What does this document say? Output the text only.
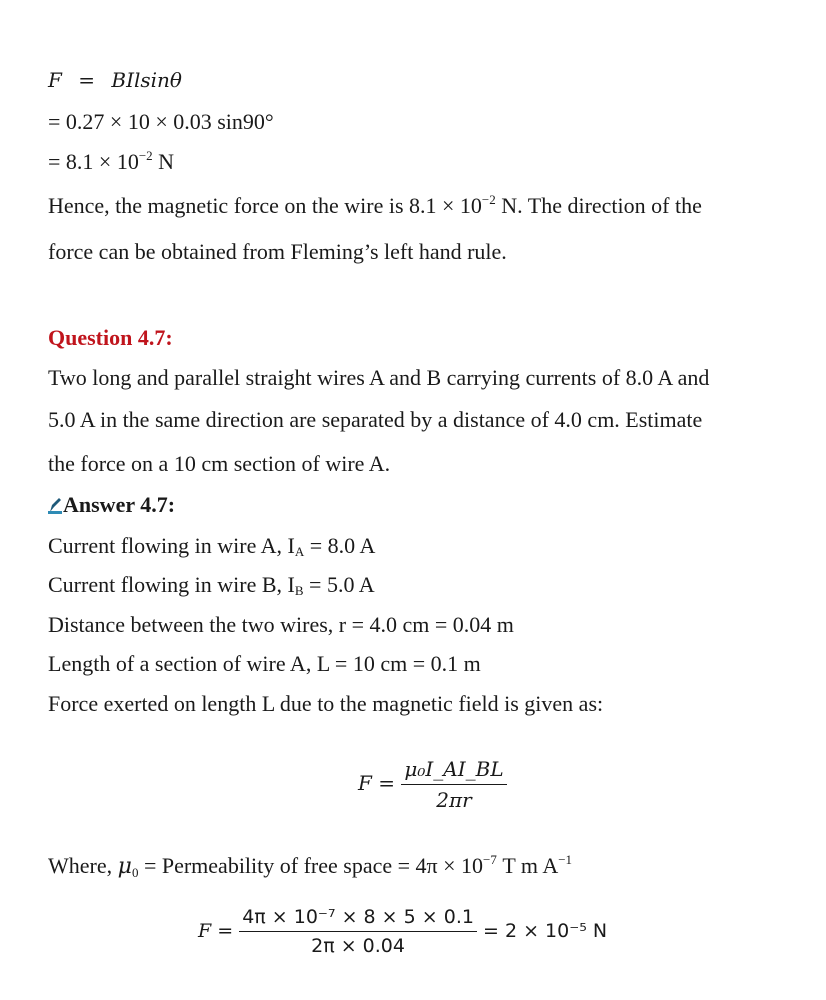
F = BIlsinθ
= 0.27 × 10 × 0.03 sin90°
= $8.1 \times 10^{-2}$ N
Hence, the magnetic force on the wire is $8.1 \times 10^{-2}$ N. The direction of the
force can be obtained from Fleming’s left hand rule.
Question 4.7:
Two long and parallel straight wires A and B carrying currents of 8.0 A and
5.0 A in the same direction are separated by a distance of 4.0 cm. Estimate
the force on a 10 cm section of wire A.
Answer 4.7:
Current flowing in wire A, $I_A = 8.0$ A
Current flowing in wire B, $I_B = 5.0$ A
Distance between the two wires, r = 4.0 cm = 0.04 m
Length of a section of wire A, L = 10 cm = 0.1 m
Force exerted on length L due to the magnetic field is given as:
$F = \frac{\text{μ₀I\_AI\_BL}}{2\pi r}$
Where, μ0 = Permeability of free space = $4\pi \times 10^{-7}$ T m $A^{-1}$
$F = \frac{\text{4π × 10⁻⁷ × 8 × 5 × 0.1}}{2\pi \times 0.04} = 2 \times 10^{-5}$ N
